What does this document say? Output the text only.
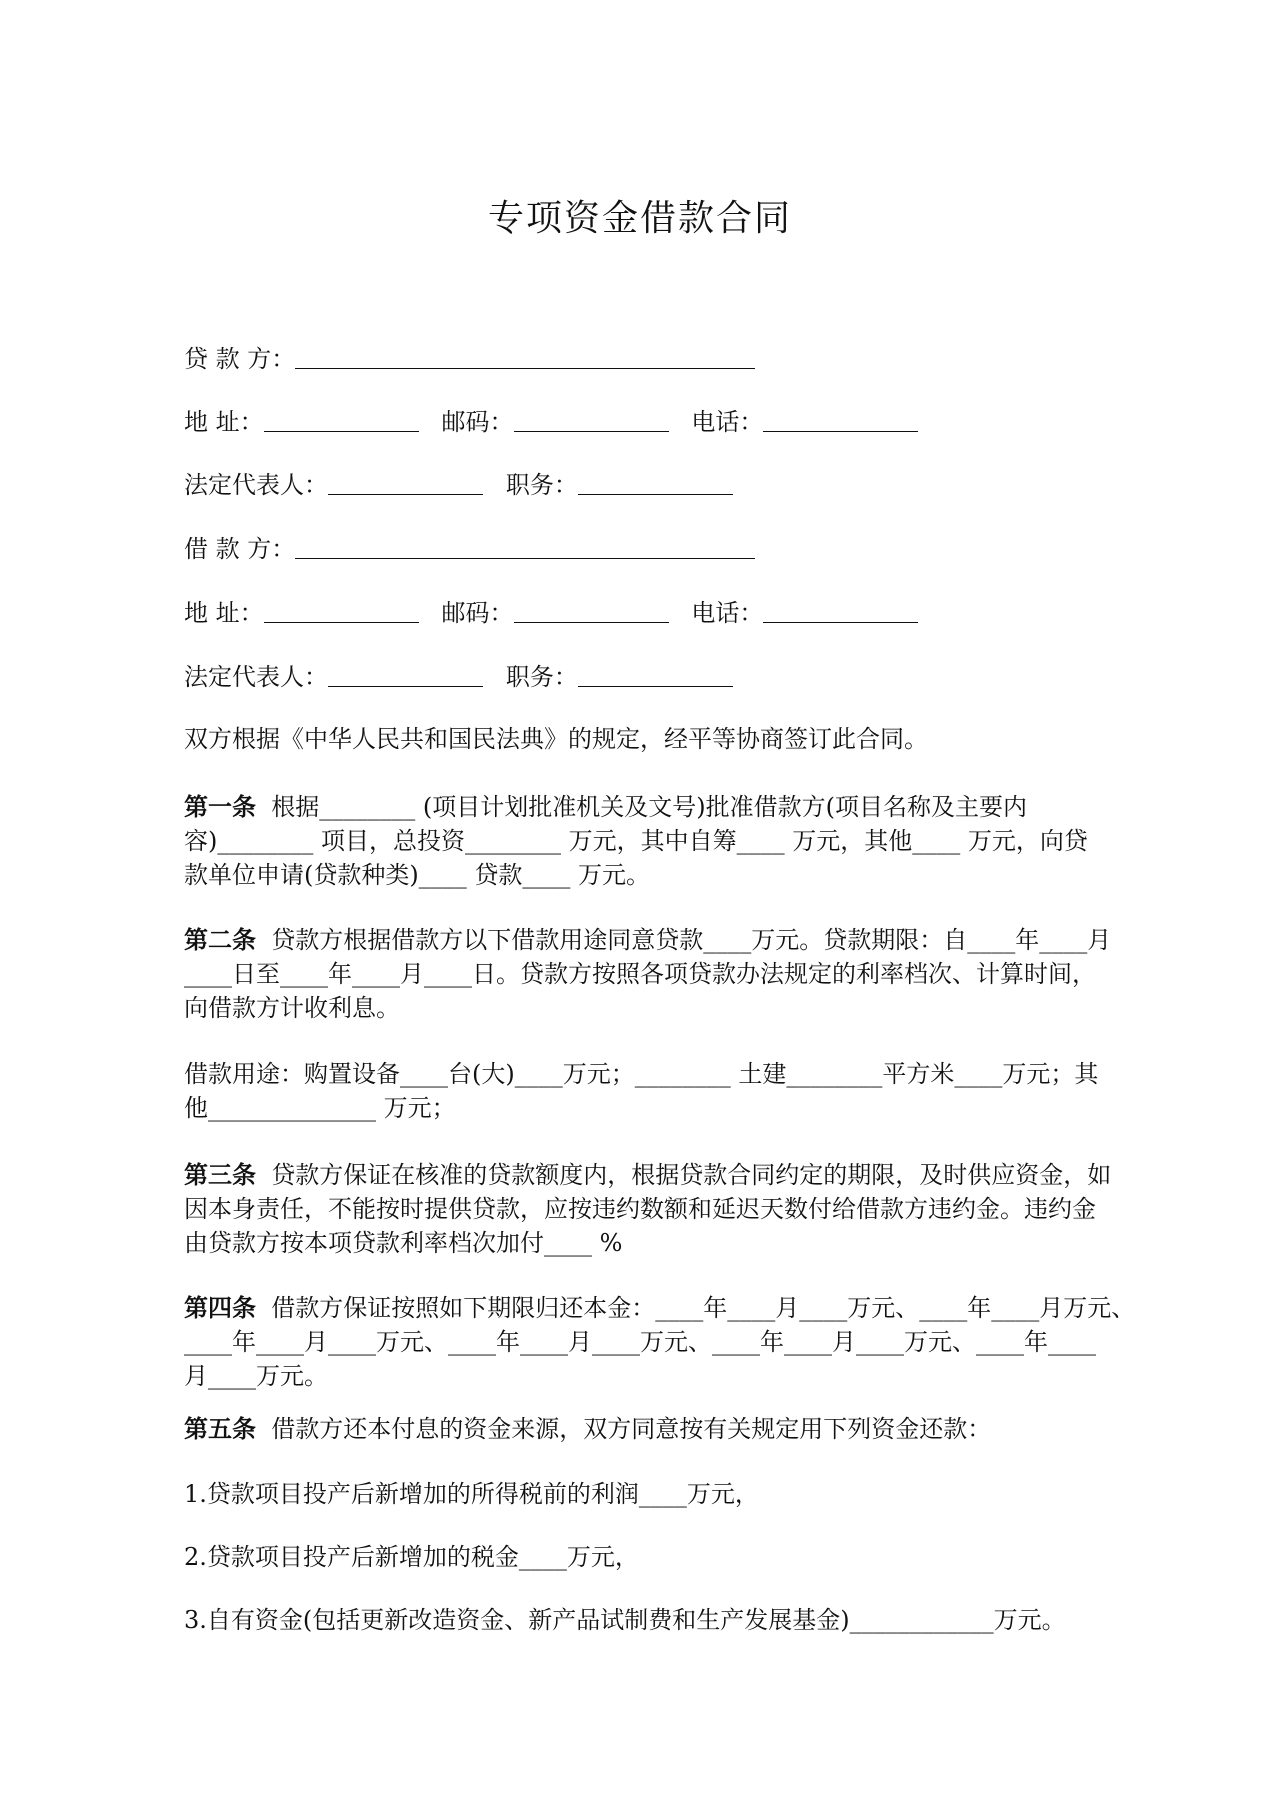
专项资金借款合同
贷 款 方：
地 址：	邮码：	电话：
法定代表人：	职务：
借 款 方：
地 址：	邮码：	电话：
法定代表人：	职务：
双方根据《中华人民共和国民法典》的规定，经平等协商签订此合同。
第一条 根据________ (项目计划批准机关及文号)批准借款方(项目名称及主要内
容)________ 项目，总投资________ 万元，其中自筹____ 万元，其他____ 万元，向贷
款单位申请(贷款种类)____ 贷款____ 万元。
第二条 贷款方根据借款方以下借款用途同意贷款____万元。贷款期限：自____年____月
____日至____年____月____日。贷款方按照各项贷款办法规定的利率档次、计算时间，
向借款方计收利息。
借款用途：购置设备____台(大)____万元；________ 土建________平方米____万元；其
他______________ 万元；
第三条 贷款方保证在核准的贷款额度内，根据贷款合同约定的期限，及时供应资金，如
因本身责任，不能按时提供贷款，应按违约数额和延迟天数付给借款方违约金。违约金
由贷款方按本项贷款利率档次加付____ %
第四条 借款方保证按照如下期限归还本金：____年____月____万元、____年____月万元、
____年____月____万元、____年____月____万元、____年____月____万元、____年____
月____万元。
第五条 借款方还本付息的资金来源，双方同意按有关规定用下列资金还款：
1.贷款项目投产后新增加的所得税前的利润____万元，
2.贷款项目投产后新增加的税金____万元，
3.自有资金(包括更新改造资金、新产品试制费和生产发展基金)____________万元。
